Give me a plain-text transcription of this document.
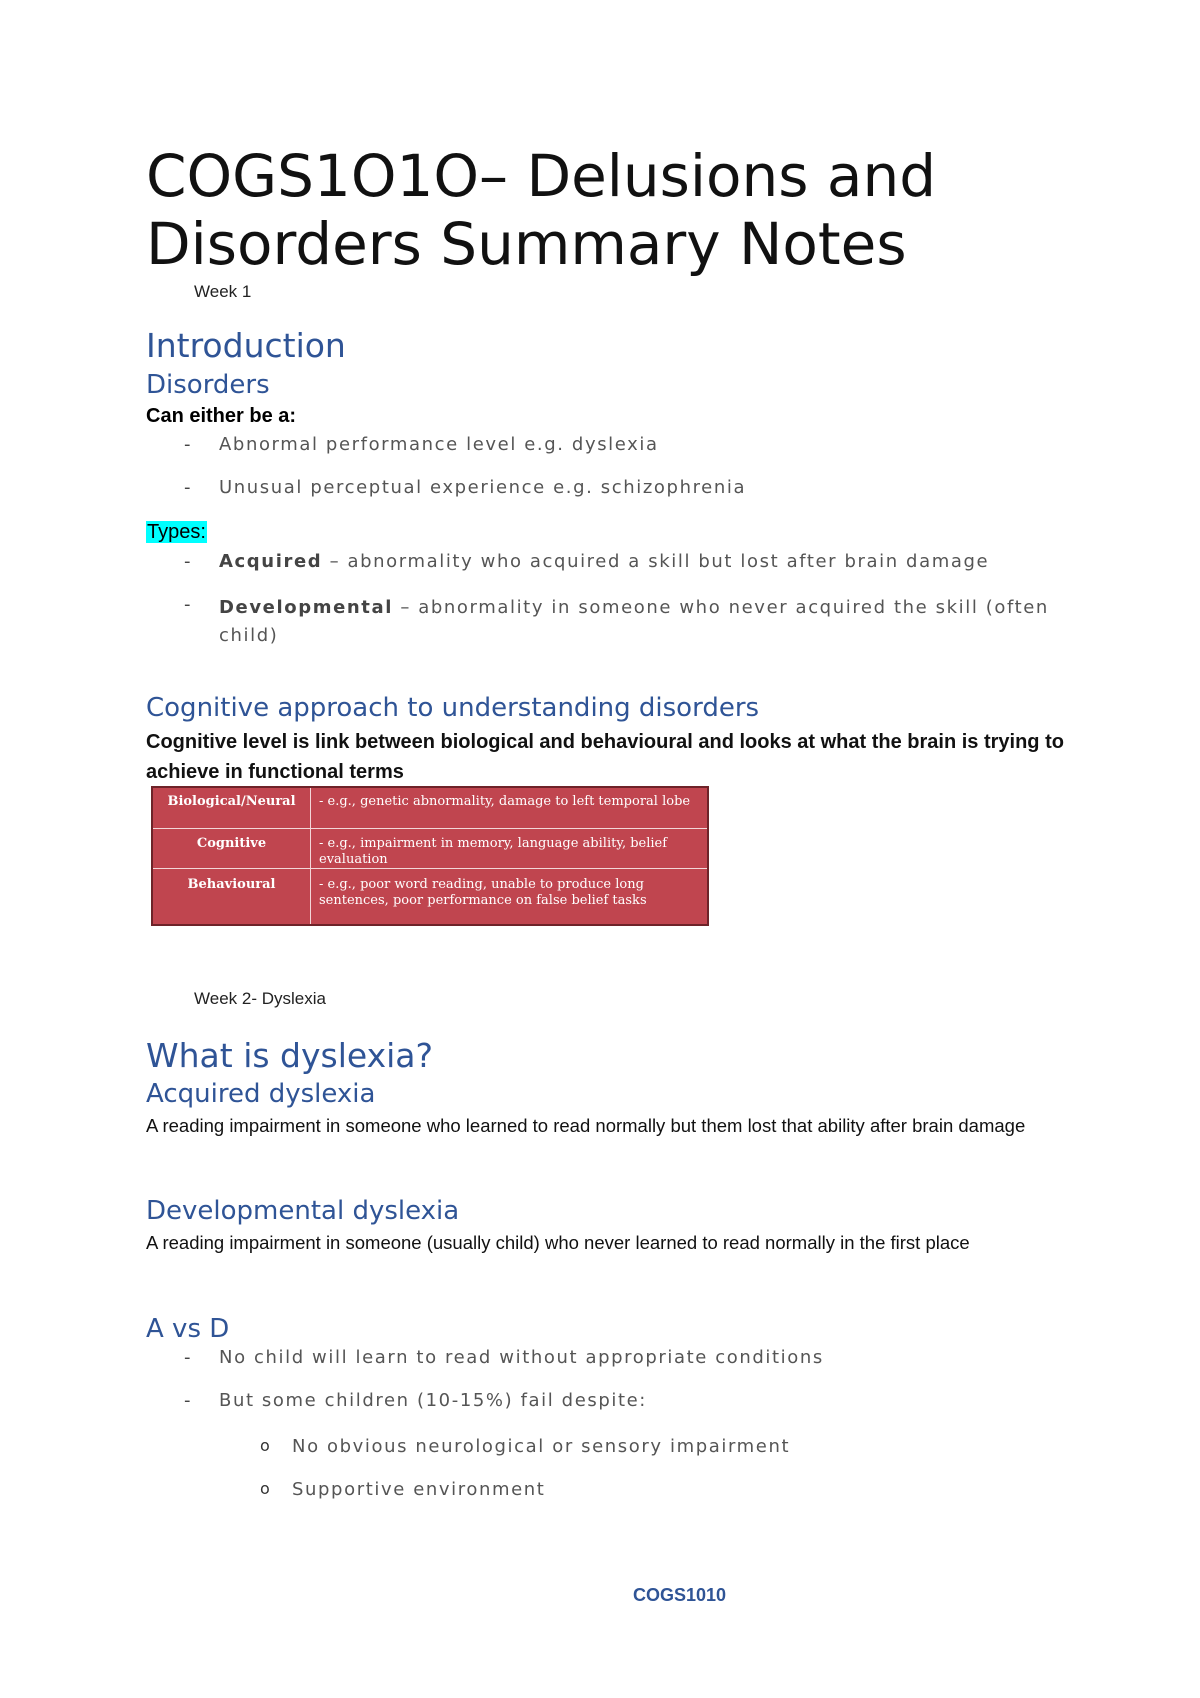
COGS1O1O– Delusions and Disorders Summary Notes
Week 1
Introduction
Disorders
Can either be a:
- Abnormal performance level e.g. dyslexia
- Unusual perceptual experience e.g. schizophrenia
Types:
- Acquired – abnormality who acquired a skill but lost after brain damage
- Developmental – abnormality in someone who never acquired the skill (often child)
Cognitive approach to understanding disorders
Cognitive level is link between biological and behavioural and looks at what the brain is trying to achieve in functional terms
Biological/Neural	- e.g., genetic abnormality, damage to left temporal lobe
Cognitive	- e.g., impairment in memory, language ability, belief evaluation
Behavioural	- e.g., poor word reading, unable to produce long sentences, poor performance on false belief tasks
Week 2- Dyslexia
What is dyslexia?
Acquired dyslexia
A reading impairment in someone who learned to read normally but them lost that ability after brain damage
Developmental dyslexia
A reading impairment in someone (usually child) who never learned to read normally in the first place
A vs D
- No child will learn to read without appropriate conditions
- But some children (10-15%) fail despite:
o No obvious neurological or sensory impairment
o Supportive environment
COGS1010
